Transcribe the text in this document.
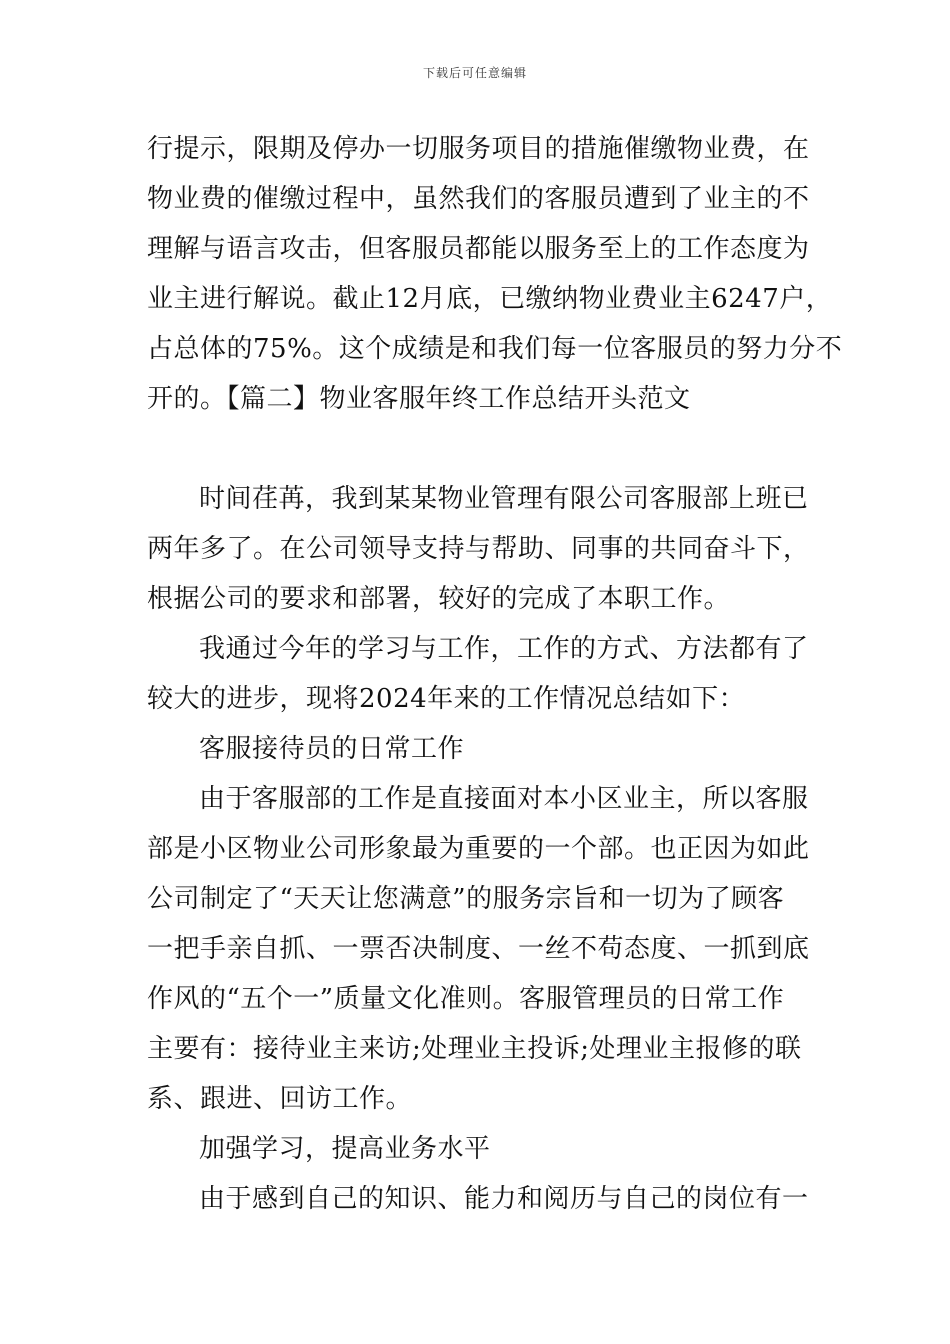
下载后可任意编辑
行提示，限期及停办一切服务项目的措施催缴物业费，在
物业费的催缴过程中，虽然我们的客服员遭到了业主的不
理解与语言攻击，但客服员都能以服务至上的工作态度为
业主进行解说。截止12月底，已缴纳物业费业主6247户，
占总体的75%。这个成绩是和我们每一位客服员的努力分不
开的。【篇二】物业客服年终工作总结开头范文
时间荏苒，我到某某物业管理有限公司客服部上班已
两年多了。在公司领导支持与帮助、同事的共同奋斗下，
根据公司的要求和部署，较好的完成了本职工作。
我通过今年的学习与工作，工作的方式、方法都有了
较大的进步，现将2024年来的工作情况总结如下：
客服接待员的日常工作
由于客服部的工作是直接面对本小区业主，所以客服
部是小区物业公司形象最为重要的一个部。也正因为如此
公司制定了“天天让您满意”的服务宗旨和一切为了顾客
一把手亲自抓、一票否决制度、一丝不苟态度、一抓到底
作风的“五个一”质量文化准则。客服管理员的日常工作
主要有：接待业主来访;处理业主投诉;处理业主报修的联
系、跟进、回访工作。
加强学习，提高业务水平
由于感到自己的知识、能力和阅历与自己的岗位有一
